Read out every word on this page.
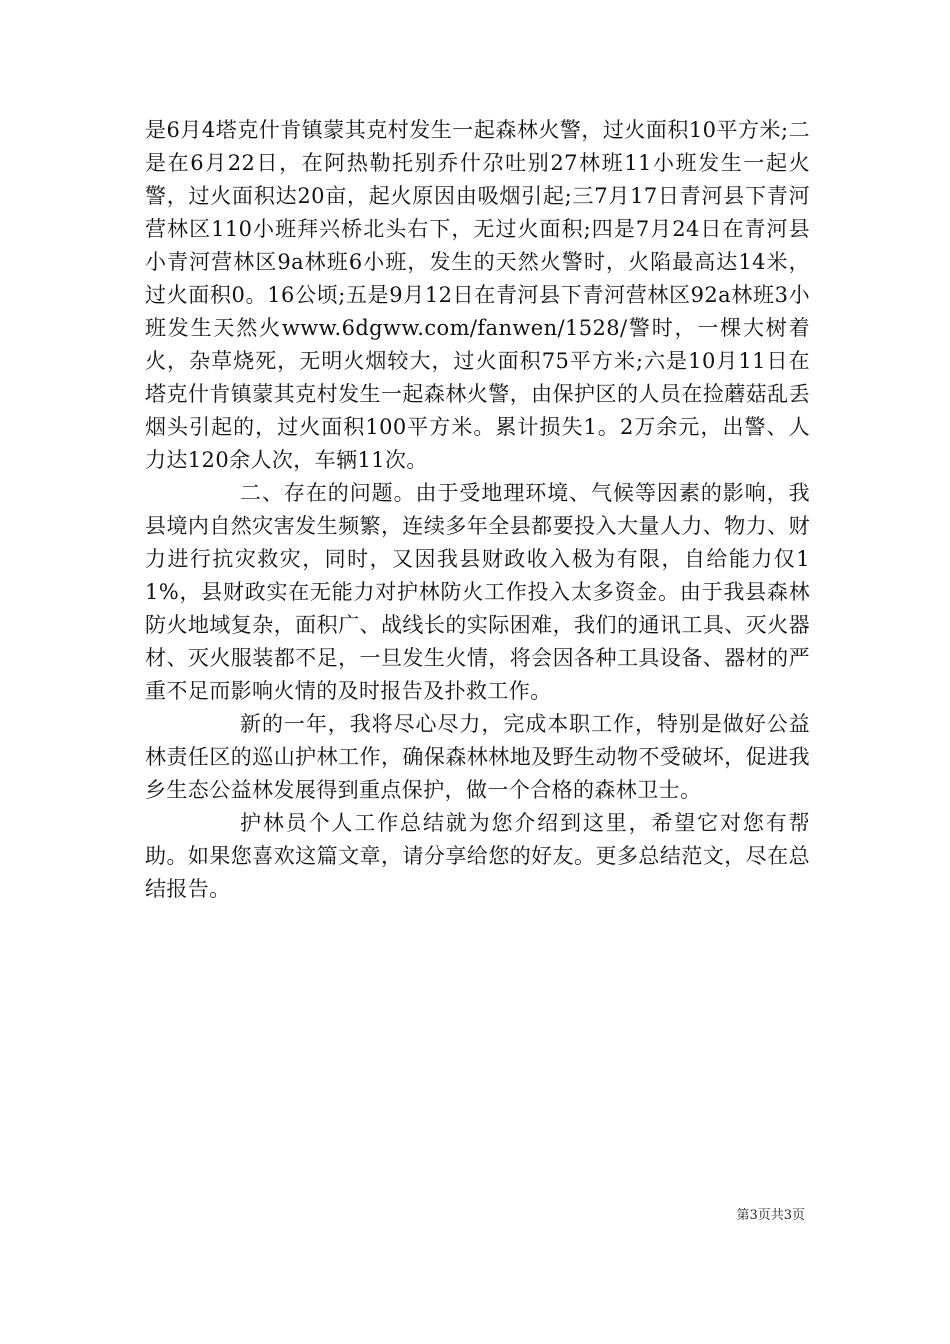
是6月4塔克什肯镇蒙其克村发生一起森林火警，过火面积10平方米;二是在6月22日，在阿热勒托别乔什尕吐别27林班11小班发生一起火警，过火面积达20亩，起火原因由吸烟引起;三7月17日青河县下青河营林区110小班拜兴桥北头右下，无过火面积;四是7月24日在青河县小青河营林区9a林班6小班，发生的天然火警时，火陷最高达14米，过火面积0。16公顷;五是9月12日在青河县下青河营林区92a林班3小班发生天然火www.6dgww.com/fanwen/1528/警时，一棵大树着火，杂草烧死，无明火烟较大，过火面积75平方米;六是10月11日在塔克什肯镇蒙其克村发生一起森林火警，由保护区的人员在捡蘑菇乱丢烟头引起的，过火面积100平方米。累计损失1。2万余元，出警、人力达120余人次，车辆11次。

二、存在的问题。由于受地理环境、气候等因素的影响，我县境内自然灾害发生频繁，连续多年全县都要投入大量人力、物力、财力进行抗灾救灾，同时，又因我县财政收入极为有限，自给能力仅11%，县财政实在无能力对护林防火工作投入太多资金。由于我县森林防火地域复杂，面积广、战线长的实际困难，我们的通讯工具、灭火器材、灭火服装都不足，一旦发生火情，将会因各种工具设备、器材的严重不足而影响火情的及时报告及扑救工作。

新的一年，我将尽心尽力，完成本职工作，特别是做好公益林责任区的巡山护林工作，确保森林林地及野生动物不受破坏，促进我乡生态公益林发展得到重点保护，做一个合格的森林卫士。

护林员个人工作总结就为您介绍到这里，希望它对您有帮助。如果您喜欢这篇文章，请分享给您的好友。更多总结范文，尽在总结报告。

第3页共3页
